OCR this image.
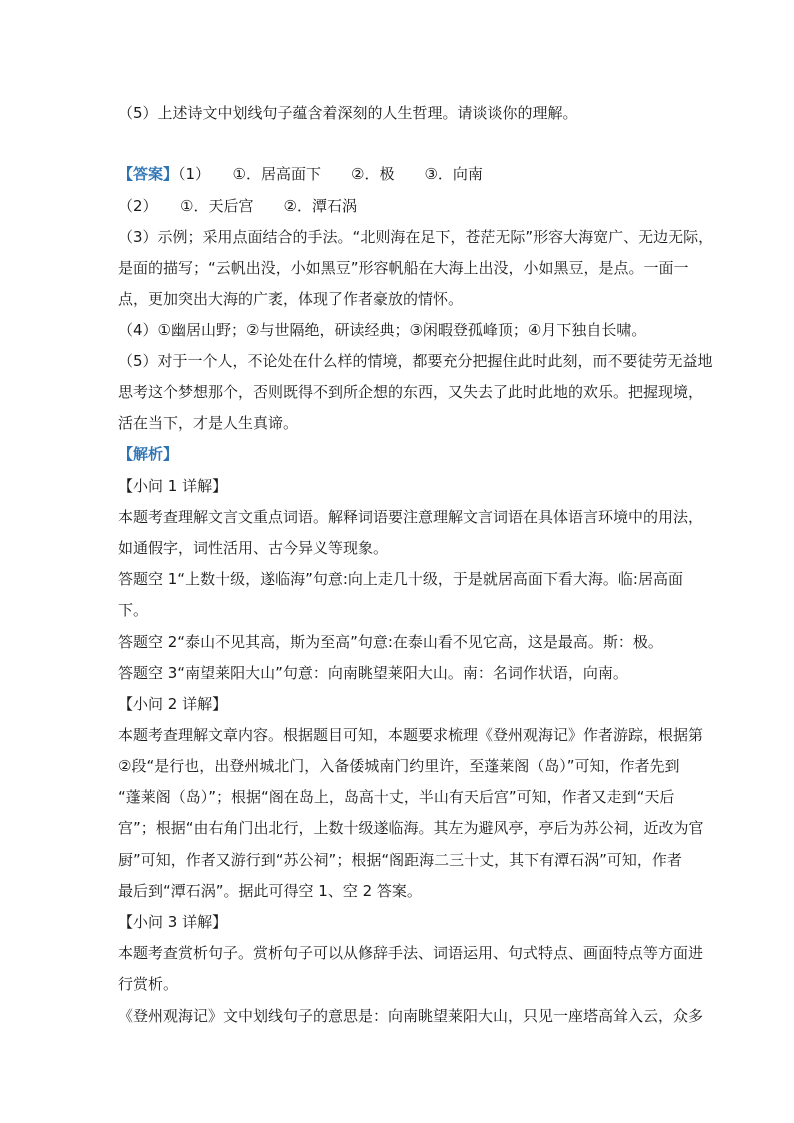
（5）上述诗文中划线句子蕴含着深刻的人生哲理。请谈谈你的理解。
【答案】（1）　　①．居高面下　　②．极　　③．向南
（2）　　①．天后宫　　②．潭石涡
（3）示例；采用点面结合的手法。“北则海在足下，苍茫无际”形容大海宽广、无边无际，
是面的描写；“云帆出没，小如黑豆”形容帆船在大海上出没，小如黑豆，是点。一面一
点，更加突出大海的广袤，体现了作者豪放的情怀。
（4）①幽居山野；②与世隔绝，研读经典；③闲暇登孤峰顶；④月下独自长啸。
（5）对于一个人，不论处在什么样的情境，都要充分把握住此时此刻，而不要徒劳无益地
思考这个梦想那个，否则既得不到所企想的东西，又失去了此时此地的欢乐。把握现境，
活在当下，才是人生真谛。
【解析】
【小问 1 详解】
本题考查理解文言文重点词语。解释词语要注意理解文言词语在具体语言环境中的用法，
如通假字，词性活用、古今异义等现象。
答题空 1“上数十级，遂临海”句意:向上走几十级，于是就居高面下看大海。临:居高面
下。
答题空 2“泰山不见其高，斯为至高”句意:在泰山看不见它高，这是最高。斯：极。
答题空 3“南望莱阳大山”句意：向南眺望莱阳大山。南：名词作状语，向南。
【小问 2 详解】
本题考查理解文章内容。根据题目可知，本题要求梳理《登州观海记》作者游踪，根据第
②段“是行也，出登州城北门，入备倭城南门约里许，至蓬莱阁（岛）”可知，作者先到
“蓬莱阁（岛）”；根据“阁在岛上，岛高十丈，半山有天后宫”可知，作者又走到“天后
宫”；根据“由右角门出北行，上数十级遂临海。其左为避风亭，亭后为苏公祠，近改为官
厨”可知，作者又游行到“苏公祠”；根据“阁距海二三十丈，其下有潭石涡”可知，作者
最后到“潭石涡”。据此可得空 1、空 2 答案。
【小问 3 详解】
本题考查赏析句子。赏析句子可以从修辞手法、词语运用、句式特点、画面特点等方面进
行赏析。
《登州观海记》文中划线句子的意思是：向南眺望莱阳大山，只见一座塔高耸入云，众多
